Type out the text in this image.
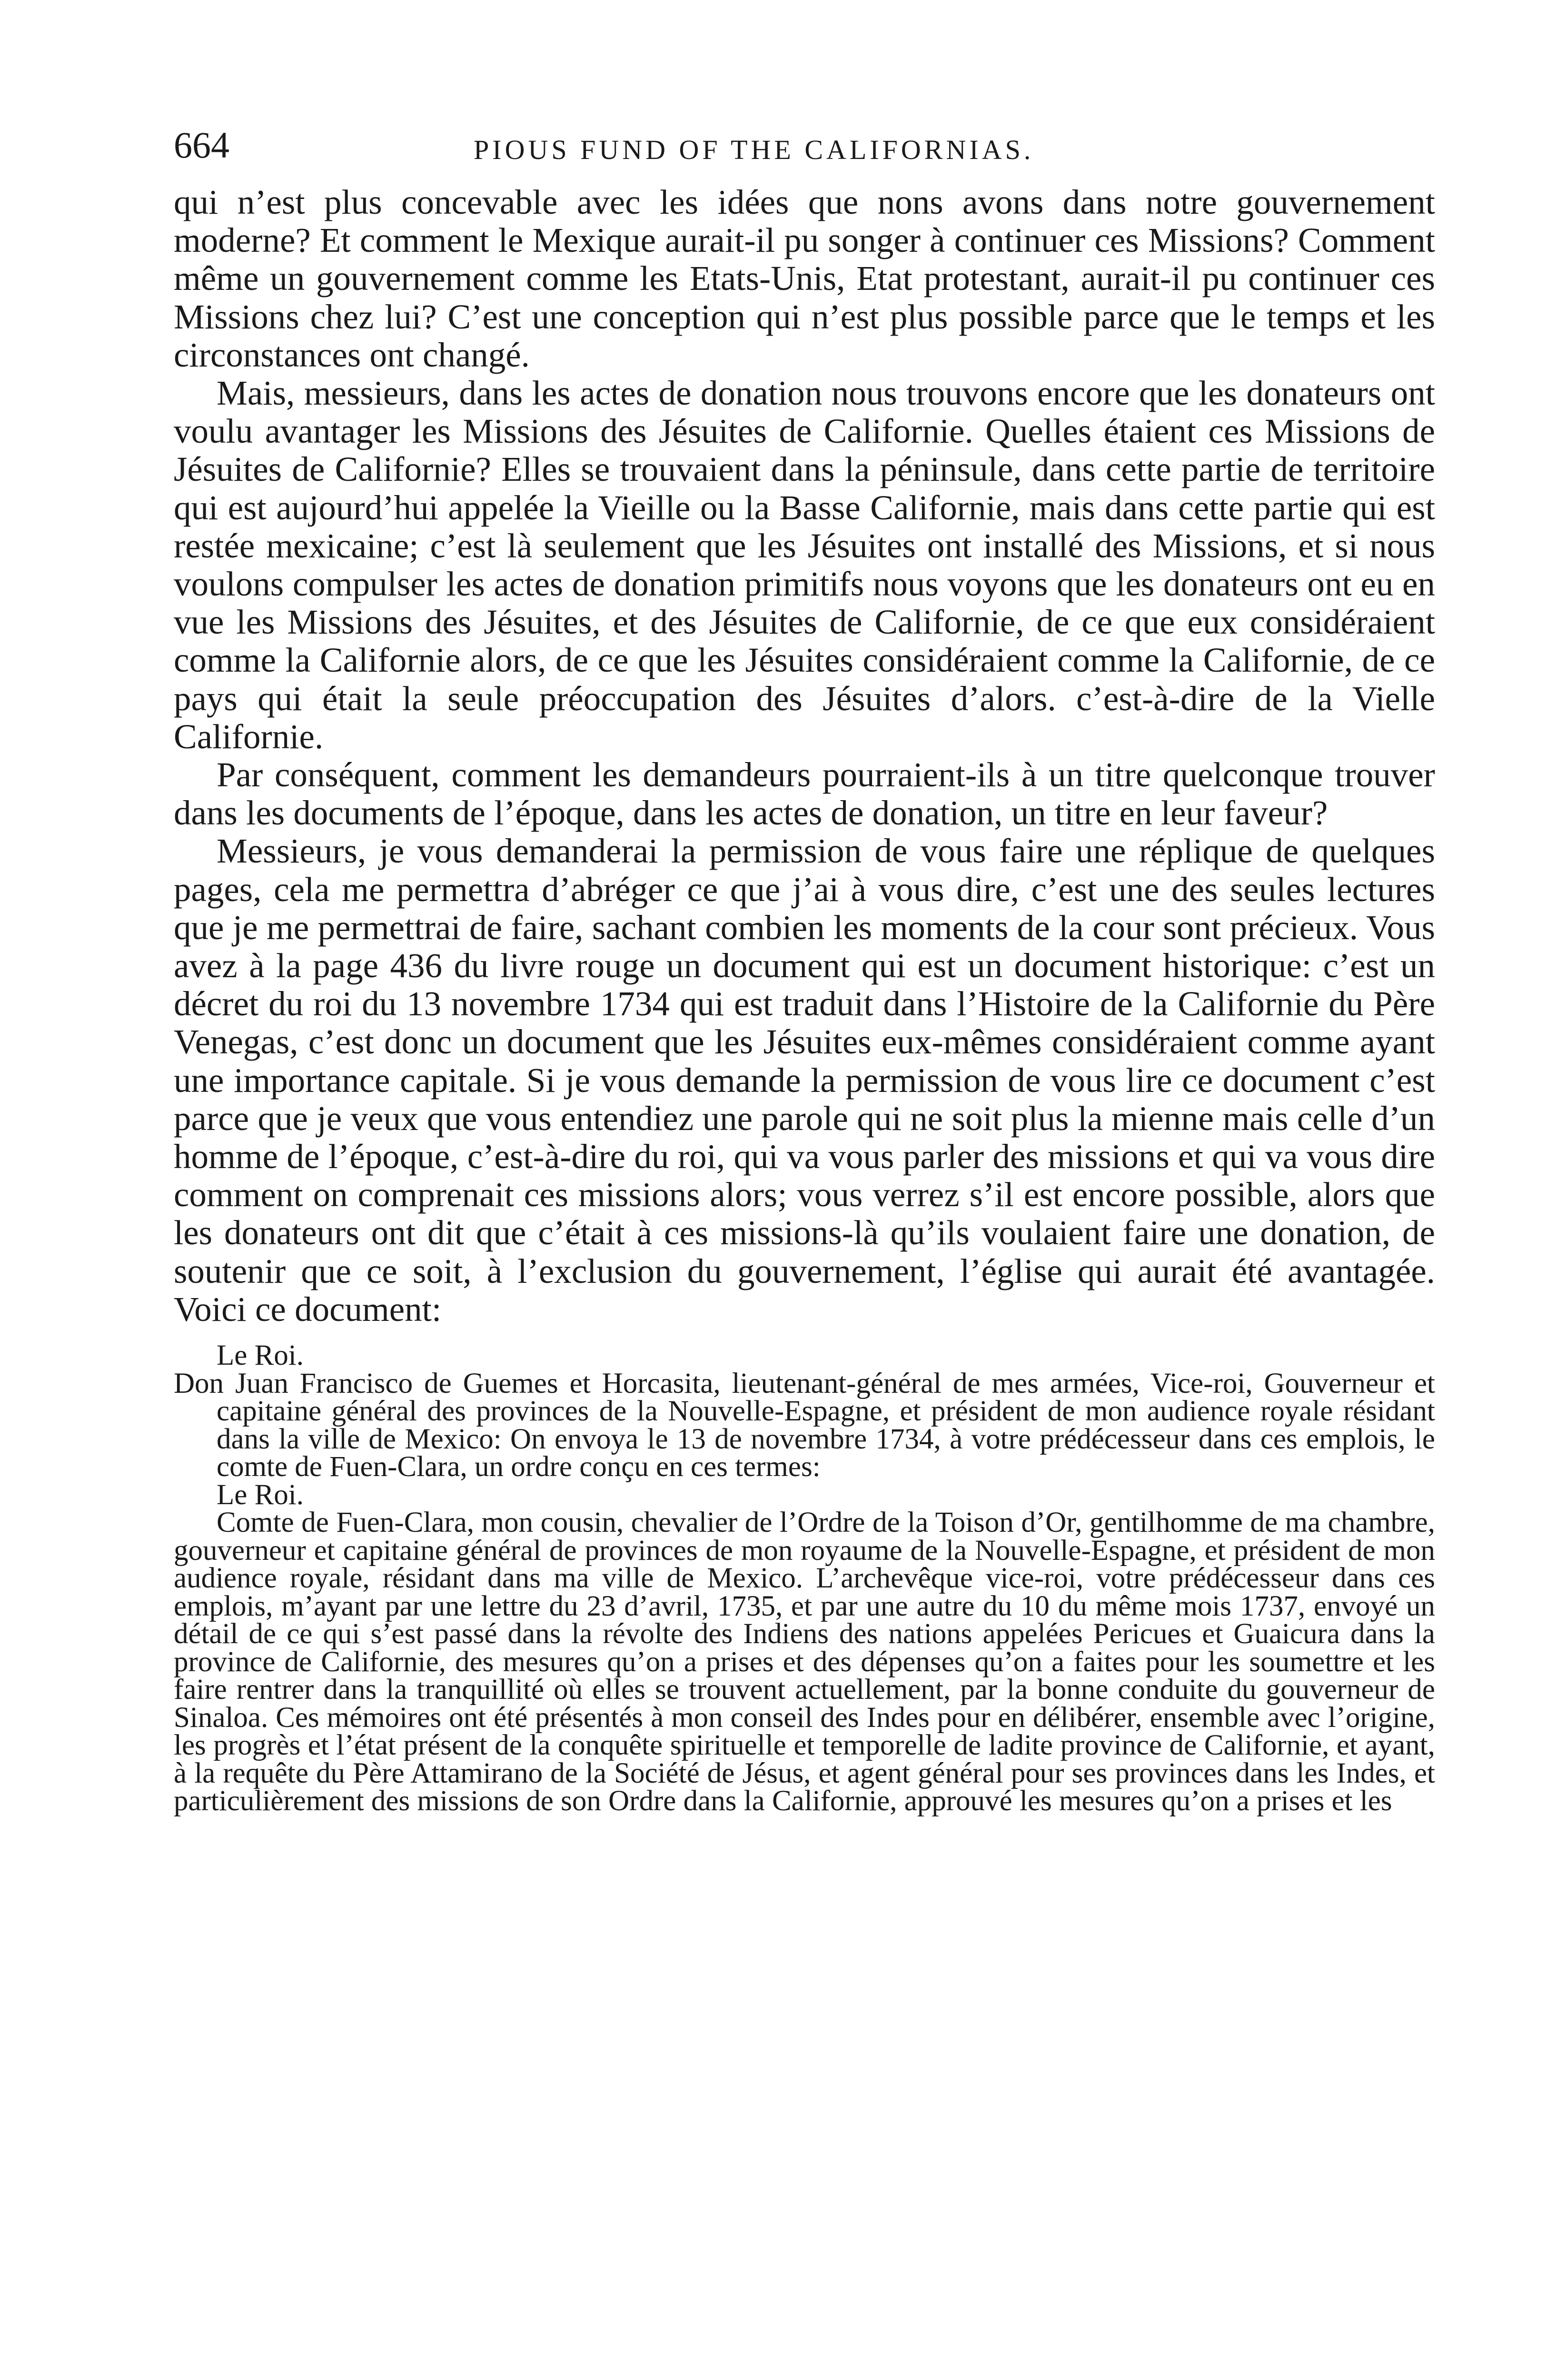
664	PIOUS FUND OF THE CALIFORNIAS.

qui n’est plus concevable avec les idées que nons avons dans notre gouvernement moderne? Et comment le Mexique aurait-il pu songer à continuer ces Missions? Comment même un gouvernement comme les Etats-Unis, Etat protestant, aurait-il pu continuer ces Missions chez lui? C’est une conception qui n’est plus possible parce que le temps et les circonstances ont changé.

Mais, messieurs, dans les actes de donation nous trouvons encore que les donateurs ont voulu avantager les Missions des Jésuites de Californie. Quelles étaient ces Missions de Jésuites de Californie? Elles se trouvaient dans la péninsule, dans cette partie de territoire qui est aujourd’hui appelée la Vieille ou la Basse Californie, mais dans cette partie qui est restée mexicaine; c’est là seulement que les Jésuites ont installé des Missions, et si nous voulons compulser les actes de donation primitifs nous voyons que les donateurs ont eu en vue les Missions des Jésuites, et des Jésuites de Californie, de ce que eux considéraient comme la Californie alors, de ce que les Jésuites considéraient comme la Californie, de ce pays qui était la seule préoccupation des Jésuites d’alors. c’est-à-dire de la Vielle Californie.

Par conséquent, comment les demandeurs pourraient-ils à un titre quelconque trouver dans les documents de l’époque, dans les actes de donation, un titre en leur faveur?

Messieurs, je vous demanderai la permission de vous faire une réplique de quelques pages, cela me permettra d’abréger ce que j’ai à vous dire, c’est une des seules lectures que je me permettrai de faire, sachant combien les moments de la cour sont précieux. Vous avez à la page 436 du livre rouge un document qui est un document historique: c’est un décret du roi du 13 novembre 1734 qui est traduit dans l’Histoire de la Californie du Père Venegas, c’est donc un document que les Jésuites eux-mêmes considéraient comme ayant une importance capitale. Si je vous demande la permission de vous lire ce document c’est parce que je veux que vous entendiez une parole qui ne soit plus la mienne mais celle d’un homme de l’époque, c’est-à-dire du roi, qui va vous parler des missions et qui va vous dire comment on comprenait ces missions alors; vous verrez s’il est encore possible, alors que les donateurs ont dit que c’était à ces missions-là qu’ils voulaient faire une donation, de soutenir que ce soit, à l’exclusion du gouvernement, l’église qui aurait été avantagée. Voici ce document:

Le Roi.

Don Juan Francisco de Guemes et Horcasita, lieutenant-général de mes armées, Vice-roi, Gouverneur et capitaine général des provinces de la Nouvelle-Espagne, et président de mon audience royale résidant dans la ville de Mexico: On envoya le 13 de novembre 1734, à votre prédécesseur dans ces emplois, le comte de Fuen-Clara, un ordre conçu en ces termes:

Le Roi.

Comte de Fuen-Clara, mon cousin, chevalier de l’Ordre de la Toison d’Or, gentilhomme de ma chambre, gouverneur et capitaine général de provinces de mon royaume de la Nouvelle-Espagne, et président de mon audience royale, résidant dans ma ville de Mexico. L’archevêque vice-roi, votre prédécesseur dans ces emplois, m’ayant par une lettre du 23 d’avril, 1735, et par une autre du 10 du même mois 1737, envoyé un détail de ce qui s’est passé dans la révolte des Indiens des nations appelées Pericues et Guaicura dans la province de Californie, des mesures qu’on a prises et des dépenses qu’on a faites pour les soumettre et les faire rentrer dans la tranquillité où elles se trouvent actuellement, par la bonne conduite du gouverneur de Sinaloa. Ces mémoires ont été présentés à mon conseil des Indes pour en délibérer, ensemble avec l’origine, les progrès et l’état présent de la conquête spirituelle et temporelle de ladite province de Californie, et ayant, à la requête du Père Attamirano de la Société de Jésus, et agent général pour ses provinces dans les Indes, et particulièrement des missions de son Ordre dans la Californie, approuvé les mesures qu’on a prises et les
